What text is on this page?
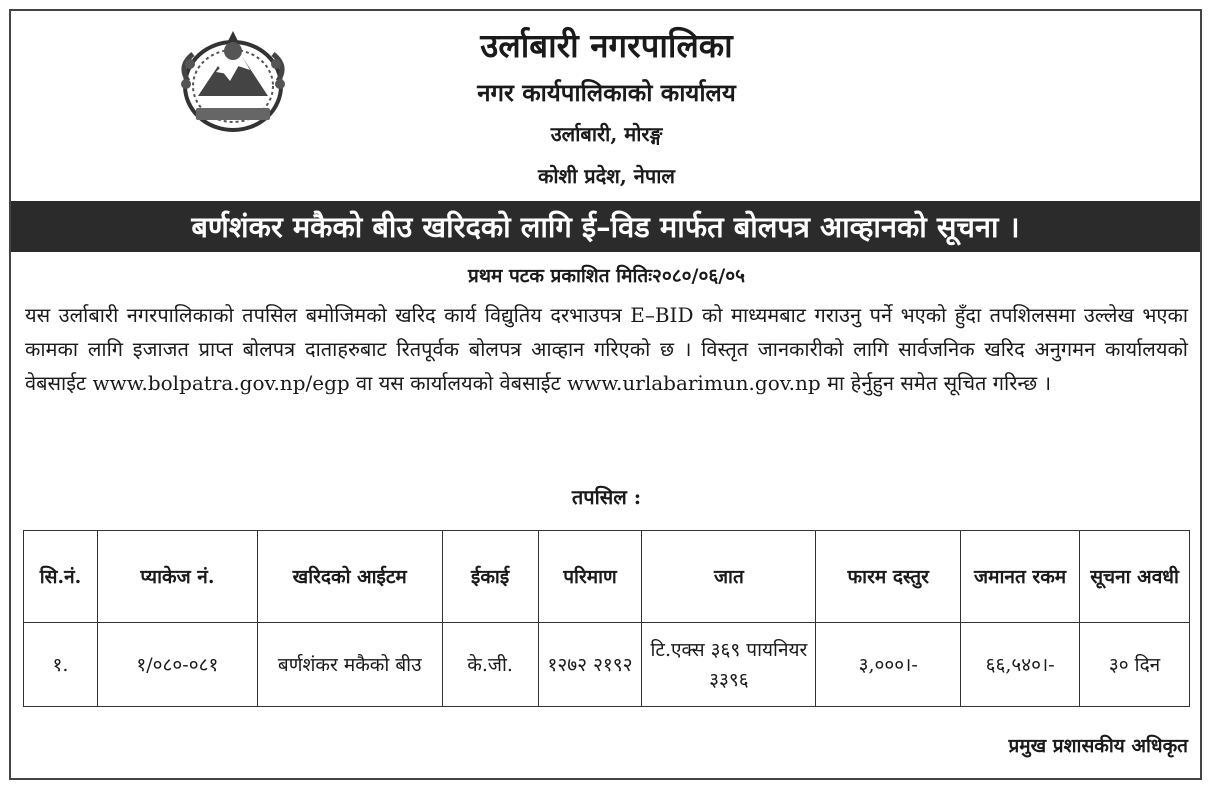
उर्लाबारी नगरपालिका
नगर कार्यपालिकाको कार्यालय
उर्लाबारी, मोरङ्ग
कोशी प्रदेश, नेपाल
बर्णशंकर मकैको बीउ खरिदको लागि ई–विड मार्फत बोलपत्र आव्हानको सूचना ।
प्रथम पटक प्रकाशित मितिः२०८०/०६/०५
यस उर्लाबारी नगरपालिकाको तपसिल बमोजिमको खरिद कार्य विद्युतिय दरभाउपत्र E–BID को माध्यमबाट गराउनु पर्ने भएको हुँदा तपशिलसमा उल्लेख भएका कामका लागि इजाजत प्राप्त बोलपत्र दाताहरुबाट रितपूर्वक बोलपत्र आव्हान गरिएको छ । विस्तृत जानकारीको लागि सार्वजनिक खरिद अनुगमन कार्यालयको वेबसाईट www.bolpatra.gov.np/egp वा यस कार्यालयको वेबसाईट www.urlabarimun.gov.np मा हेर्नुहुन समेत सूचित गरिन्छ ।
तपसिल :
सि.नं.	प्याकेज नं.	खरिदको आईटम	ईकाई	परिमाण	जात	फारम दस्तुर	जमानत रकम	सूचना अवधी
१.	१/०८०-०८१	बर्णशंकर मकैको बीउ	के.जी.	१२७२ २१९२	टि.एक्स ३६९ पायनियर ३३९६	३,०००।-	६६,५४०।-	३० दिन
प्रमुख प्रशासकीय अधिकृत
